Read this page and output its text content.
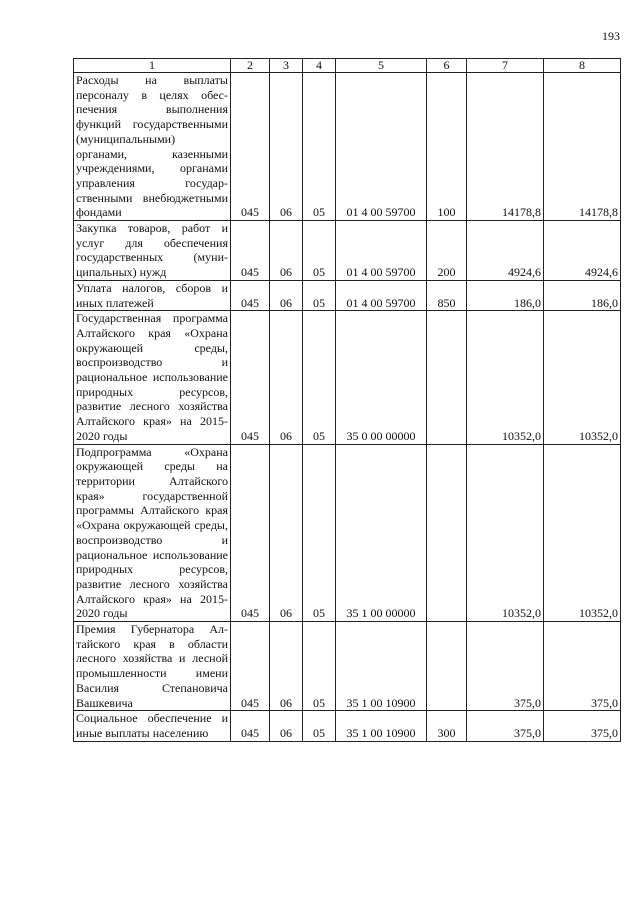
193
1	2	3	4	5	6	7	8
Расходы на выплаты персоналу в целях обеспечения выполнения функций государственными (муниципальными) органами, казенными учреждениями, органами управления государственными внебюджетными фондами	045	06	05	01 4 00 59700	100	14178,8	14178,8
Закупка товаров, работ и услуг для обеспечения государственных (муниципальных) нужд	045	06	05	01 4 00 59700	200	4924,6	4924,6
Уплата налогов, сборов и иных платежей	045	06	05	01 4 00 59700	850	186,0	186,0
Государственная программа Алтайского края «Охрана окружающей среды, воспроизводство и рациональное использование природных ресурсов, развитие лесного хозяйства Алтайского края» на 2015-2020 годы	045	06	05	35 0 00 00000		10352,0	10352,0
Подпрограмма «Охрана окружающей среды на территории Алтайского края» государственной программы Алтайского края «Охрана окружающей среды, воспроизводство и рациональное использование природных ресурсов, развитие лесного хозяйства Алтайского края» на 2015-2020 годы	045	06	05	35 1 00 00000		10352,0	10352,0
Премия Губернатора Алтайского края в области лесного хозяйства и лесной промышленности имени Василия Степановича Вашкевича	045	06	05	35 1 00 10900		375,0	375,0
Социальное обеспечение и иные выплаты населению	045	06	05	35 1 00 10900	300	375,0	375,0
